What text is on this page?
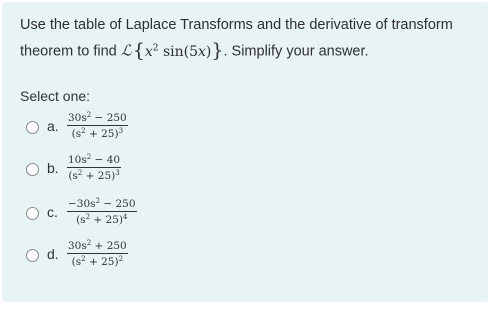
Use the table of Laplace Transforms and the derivative of transform theorem to find ℒ {$x^2$ sin(5x)}. Simplify your answer.
Select one:
a. $30s^2 - 250$
$(s^2 + 25)^3$
b. $10s^2 - 40$
$(s^2 + 25)^3$
c. $-30s^2 - 250$
$(s^2 + 25)^4$
d. $30s^2 + 250$
$(s^2 + 25)^2$
